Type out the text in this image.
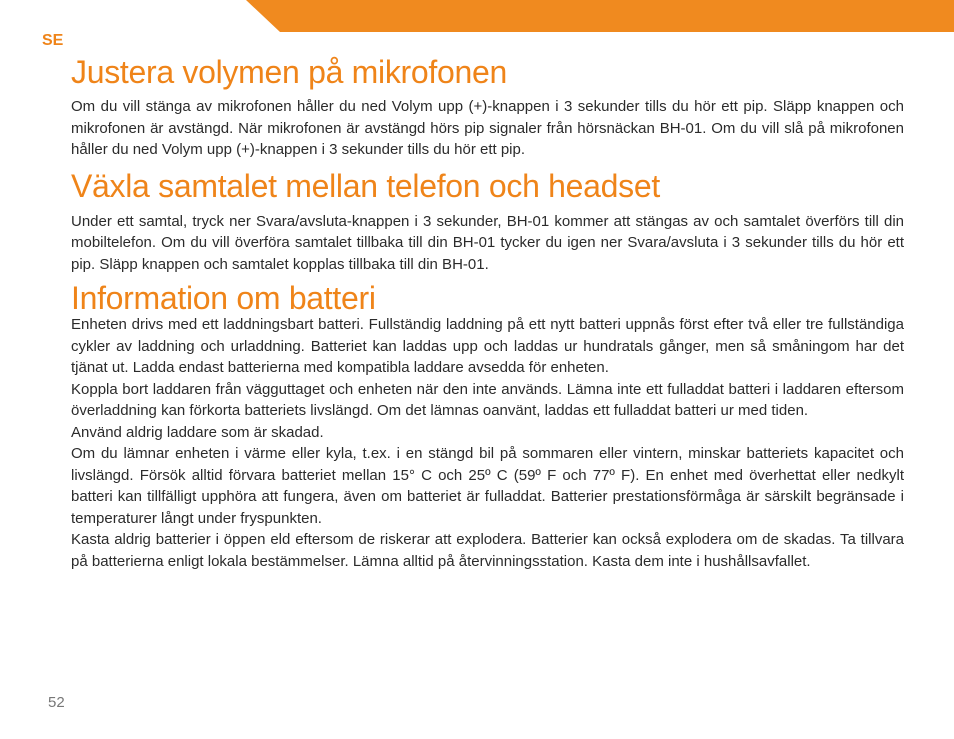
SE
Justera volymen på mikrofonen

Om du vill stänga av mikrofonen håller du ned Volym upp (+)-knappen i 3 sekunder tills du hör ett pip. Släpp knappen och mikrofonen är avstängd. När mikrofonen är avstängd hörs pip signaler från hörsnäckan BH-01. Om du vill slå på mikrofonen håller du ned Volym upp (+)-knappen i 3 sekunder tills du hör ett pip.

Växla samtalet mellan telefon och headset

Under ett samtal, tryck ner Svara/avsluta-knappen i 3 sekunder, BH-01 kommer att stängas av och samtalet överförs till din mobiltelefon. Om du vill överföra samtalet tillbaka till din BH-01 tycker du igen ner Svara/avsluta i 3 sekunder tills du hör ett pip. Släpp knappen och samtalet kopplas tillbaka till din BH-01.

Information om batteri

Enheten drivs med ett laddningsbart batteri. Fullständig laddning på ett nytt batteri uppnås först efter två eller tre fullständiga cykler av laddning och urladdning. Batteriet kan laddas upp och laddas ur hundratals gånger, men så småningom har det tjänat ut. Ladda endast batterierna med kompatibla laddare avsedda för enheten.

Koppla bort laddaren från vägguttaget och enheten när den inte används. Lämna inte ett fulladdat batteri i laddaren eftersom överladdning kan förkorta batteriets livslängd. Om det lämnas oanvänt, laddas ett fulladdat batteri ur med tiden.

Använd aldrig laddare som är skadad.

Om du lämnar enheten i värme eller kyla, t.ex. i en stängd bil på sommaren eller vintern, minskar batteriets kapacitet och livslängd. Försök alltid förvara batteriet mellan 15° C och 25º C (59º F och 77º F). En enhet med överhettat eller nedkylt batteri kan tillfälligt upphöra att fungera, även om batteriet är fulladdat. Batterier prestationsförmåga är särskilt begränsade i temperaturer långt under fryspunkten.

Kasta aldrig batterier i öppen eld eftersom de riskerar att explodera. Batterier kan också explodera om de skadas. Ta tillvara på batterierna enligt lokala bestämmelser. Lämna alltid på återvinningsstation. Kasta dem inte i hushållsavfallet.

52
